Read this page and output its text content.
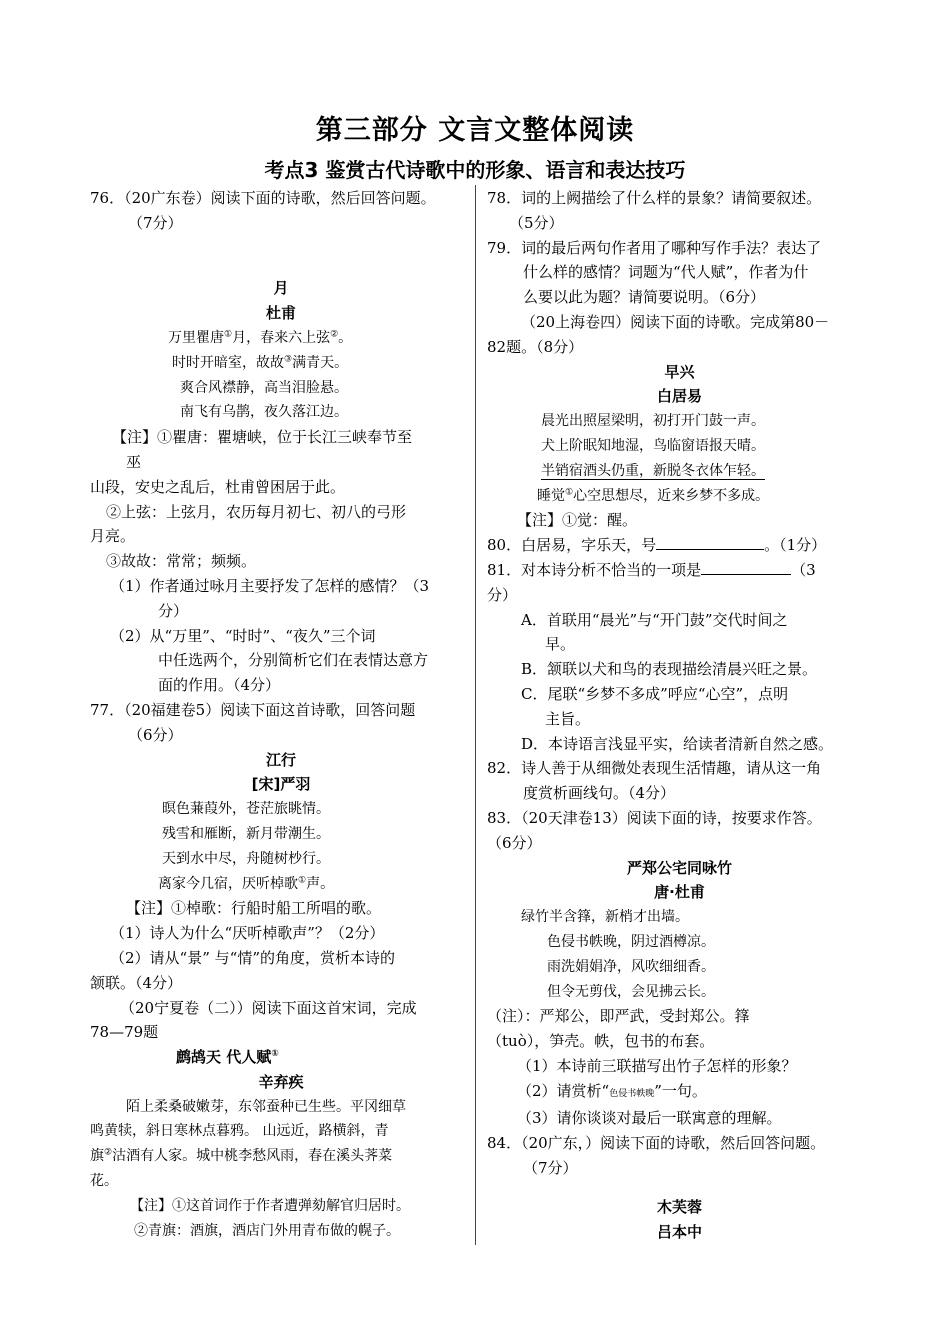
第三部分 文言文整体阅读
考点3 鉴赏古代诗歌中的形象、语言和表达技巧

76．（20广东卷）阅读下面的诗歌，然后回答问题。

（7分）

月

杜甫

万里瞿唐①月，春来六上弦②。

时时开暗室，故故③满青天。

爽合风襟静，高当泪脸悬。

南飞有乌鹊，夜久落江边。

【注】①瞿唐：瞿塘峡，位于长江三峡奉节至

巫

山段，安史之乱后，杜甫曾困居于此。

②上弦：上弦月，农历每月初七、初八的弓形

月亮。

③故故：常常；频频。

（1）作者通过咏月主要抒发了怎样的感情？（3

分）

（2）从“万里”、“时时”、“夜久”三个词

中任选两个，分别简析它们在表情达意方

面的作用。（4分）

77．（20福建卷5）阅读下面这首诗歌，回答问题

（6分）

江行

[宋]严羽

暝色蒹葭外，苍茫旅眺情。

残雪和雁断，新月带潮生。

天到水中尽，舟随树杪行。

离家今几宿，厌听棹歌①声。

【注】①棹歌：行船时船工所唱的歌。

（1）诗人为什么“厌听棹歌声”？（2分）

（2）请从“景” 与“情”的角度，赏析本诗的

颔联。（4分）

（20宁夏卷（二））阅读下面这首宋词，完成

78—79题

鹧鸪天 代人赋①

辛弃疾

陌上柔桑破嫩芽，东邻蚕种已生些。平冈细草

鸣黄犊，斜日寒林点暮鸦。 山远近，路横斜，青

旗②沽酒有人家。城中桃李愁风雨，春在溪头荠菜

花。

【注】①这首词作于作者遭弹劾解官归居时。

②青旗：酒旗，酒店门外用青布做的幌子。

78．词的上阙描绘了什么样的景象？请简要叙述。

（5分）

79．词的最后两句作者用了哪种写作手法？表达了

什么样的感情？词题为“代人赋”，作者为什

么要以此为题？请简要说明。（6分）

（20上海卷四）阅读下面的诗歌。完成第80－

82题。（8分）

早兴

白居易

晨光出照屋梁明，初打开门鼓一声。

犬上阶眠知地湿，鸟临窗语报天晴。

半销宿酒头仍重，新脱冬衣体乍轻。

睡觉①心空思想尽，近来乡梦不多成。

【注】①觉：醒。

80．白居易，字乐天，号	。（1分）

81．对本诗分析不恰当的一项是	（3

分）

A．首联用“晨光”与“开门鼓”交代时间之

早。

B．颔联以犬和鸟的表现描绘清晨兴旺之景。

C．尾联“乡梦不多成”呼应“心空”，点明

主旨。

D．本诗语言浅显平实，给读者清新自然之感。

82．诗人善于从细微处表现生活情趣，请从这一角

度赏析画线句。（4分）

83．（20天津卷13）阅读下面的诗，按要求作答。

（6分）

严郑公宅同咏竹

唐·杜甫

绿竹半含箨，新梢才出墙。

色侵书帙晚，阴过酒樽凉。

雨洗娟娟净，风吹细细香。

但令无剪伐，会见拂云长。

（注）：严郑公，即严武，受封郑公。箨

（tuò），笋壳。帙，包书的布套。

（1）本诗前三联描写出竹子怎样的形象？

（2）请赏析“色侵书帙晚”一句。

（3）请你谈谈对最后一联寓意的理解。

84．（20广东，）阅读下面的诗歌，然后回答问题。

（7分）

木芙蓉

吕本中
